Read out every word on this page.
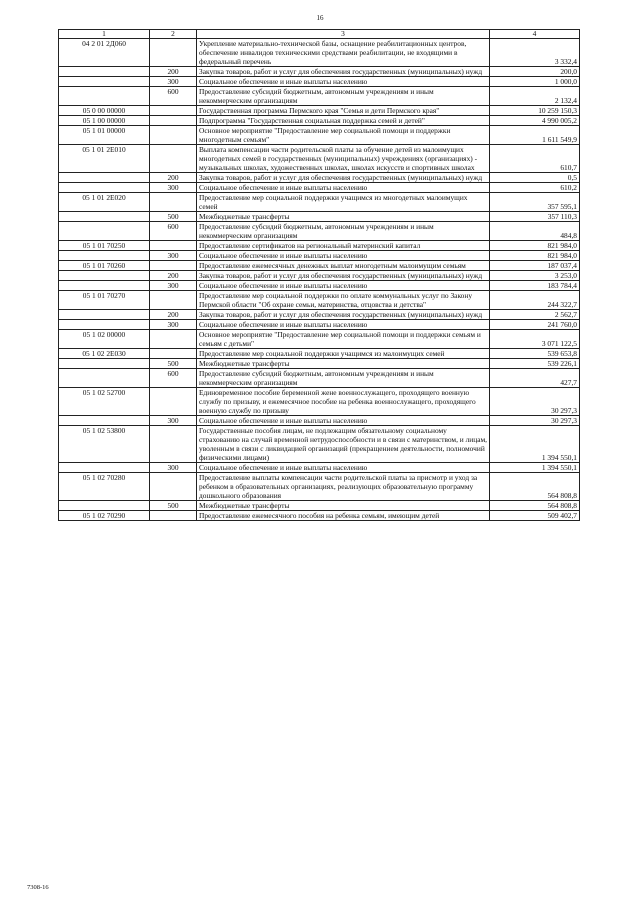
16
1	2	3	4
04 2 01 2Д060		Укрепление материально-технической базы, оснащение реабилитационных центров, обеспечение инвалидов техническими средствами реабилитации, не входящими в федеральный перечень	3 332,4
	200	Закупка товаров, работ и услуг для обеспечения государственных (муниципальных) нужд	200,0
	300	Социальное обеспечение и иные выплаты населению	1 000,0
	600	Предоставление субсидий бюджетным, автономным учреждениям и иным некоммерческим организациям	2 132,4
05 0 00 00000		Государственная программа Пермского края "Семья и дети Пермского края"	10 259 150,3
05 1 00 00000		Подпрограмма "Государственная социальная поддержка семей и детей"	4 990 005,2
05 1 01 00000		Основное мероприятие "Предоставление мер социальной помощи и поддержки многодетным семьям"	1 611 549,9
05 1 01 2Е010		Выплата компенсации части родительской платы за обучение детей из малоимущих многодетных семей в государственных (муниципальных) учреждениях (организациях) - музыкальных школах, художественных школах, школах искусств и спортивных школах	610,7
	200	Закупка товаров, работ и услуг для обеспечения государственных (муниципальных) нужд	0,5
	300	Социальное обеспечение и иные выплаты населению	610,2
05 1 01 2Е020		Предоставление мер социальной поддержки учащимся из многодетных малоимущих семей	357 595,1
	500	Межбюджетные трансферты	357 110,3
	600	Предоставление субсидий бюджетным, автономным учреждениям и иным некоммерческим организациям	484,8
05 1 01 70250		Предоставление сертификатов на региональный материнский капитал	821 984,0
	300	Социальное обеспечение и иные выплаты населению	821 984,0
05 1 01 70260		Предоставление ежемесячных денежных выплат многодетным малоимущим семьям	187 037,4
	200	Закупка товаров, работ и услуг для обеспечения государственных (муниципальных) нужд	3 253,0
	300	Социальное обеспечение и иные выплаты населению	183 784,4
05 1 01 70270		Предоставление мер социальной поддержки по оплате коммунальных услуг по Закону Пермской области "Об охране семьи, материнства, отцовства и детства"	244 322,7
	200	Закупка товаров, работ и услуг для обеспечения государственных (муниципальных) нужд	2 562,7
	300	Социальное обеспечение и иные выплаты населению	241 760,0
05 1 02 00000		Основное мероприятие "Предоставление мер социальной помощи и поддержки семьям и семьям с детьми"	3 071 122,5
05 1 02 2Е030		Предоставление мер социальной поддержки учащимся из малоимущих семей	539 653,8
	500	Межбюджетные трансферты	539 226,1
	600	Предоставление субсидий бюджетным, автономным учреждениям и иным некоммерческим организациям	427,7
05 1 02 52700		Единовременное пособие беременной жене военнослужащего, проходящего военную службу по призыву, и ежемесячное пособие на ребенка военнослужащего, проходящего военную службу по призыву	30 297,3
	300	Социальное обеспечение и иные выплаты населению	30 297,3
05 1 02 53800		Государственные пособия лицам, не подлежащим обязательному социальному страхованию на случай временной нетрудоспособности и в связи с материнством, и лицам, уволенным в связи с ликвидацией организаций (прекращением деятельности, полномочий физическими лицами)	1 394 550,1
	300	Социальное обеспечение и иные выплаты населению	1 394 550,1
05 1 02 70280		Предоставление выплаты компенсации части родительской платы за присмотр и уход за ребенком в образовательных организациях, реализующих образовательную программу дошкольного образования	564 808,8
	500	Межбюджетные трансферты	564 808,8
05 1 02 70290		Предоставление ежемесячного пособия на ребенка семьям, имеющим детей	509 402,7
7308-16
